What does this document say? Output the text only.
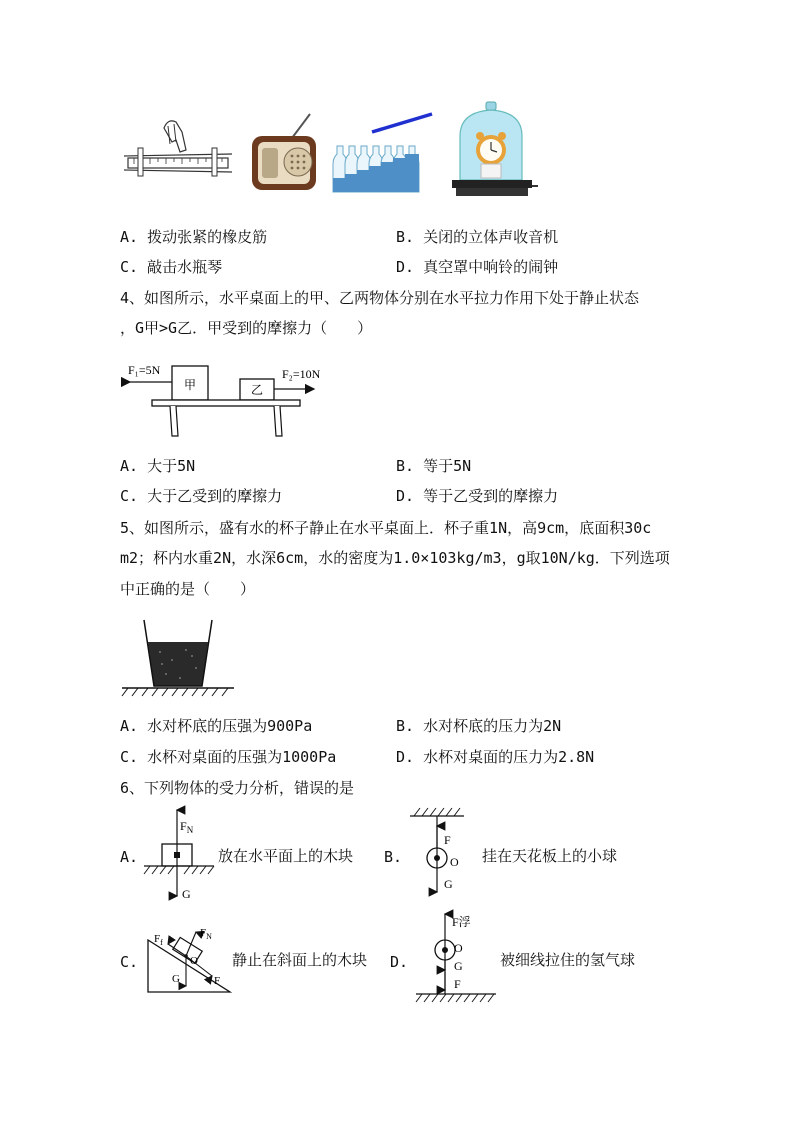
A. 拨动张紧的橡皮筋	B. 关闭的立体声收音机
C. 敲击水瓶琴	D. 真空罩中响铃的闹钟
4、如图所示，水平桌面上的甲、乙两物体分别在水平拉力作用下处于静止状态
，G甲>G乙．甲受到的摩擦力（　　）
甲	乙
F₁=5N	F₂=10N
A. 大于5N	B. 等于5N
C. 大于乙受到的摩擦力	D. 等于乙受到的摩擦力
5、如图所示，盛有水的杯子静止在水平桌面上．杯子重1N，高9cm，底面积30c
m2；杯内水重2N，水深6cm，水的密度为1.0×103kg/m3，g取10N/kg．下列选项
中正确的是（　　）
A. 水对杯底的压强为900Pa	B. 水对杯底的压力为2N
C. 水杯对桌面的压强为1000Pa	D. 水杯对桌面的压力为2.8N
6、下列物体的受力分析，错误的是
A.
$F_N$
G
放在水平面上的木块 B.
F
O
G
挂在天花板上的小球
C.
$F_f$
$F_N$
O
G	F
静止在斜面上的木块 D.
F浮
O
G
F
被细线拉住的氢气球
